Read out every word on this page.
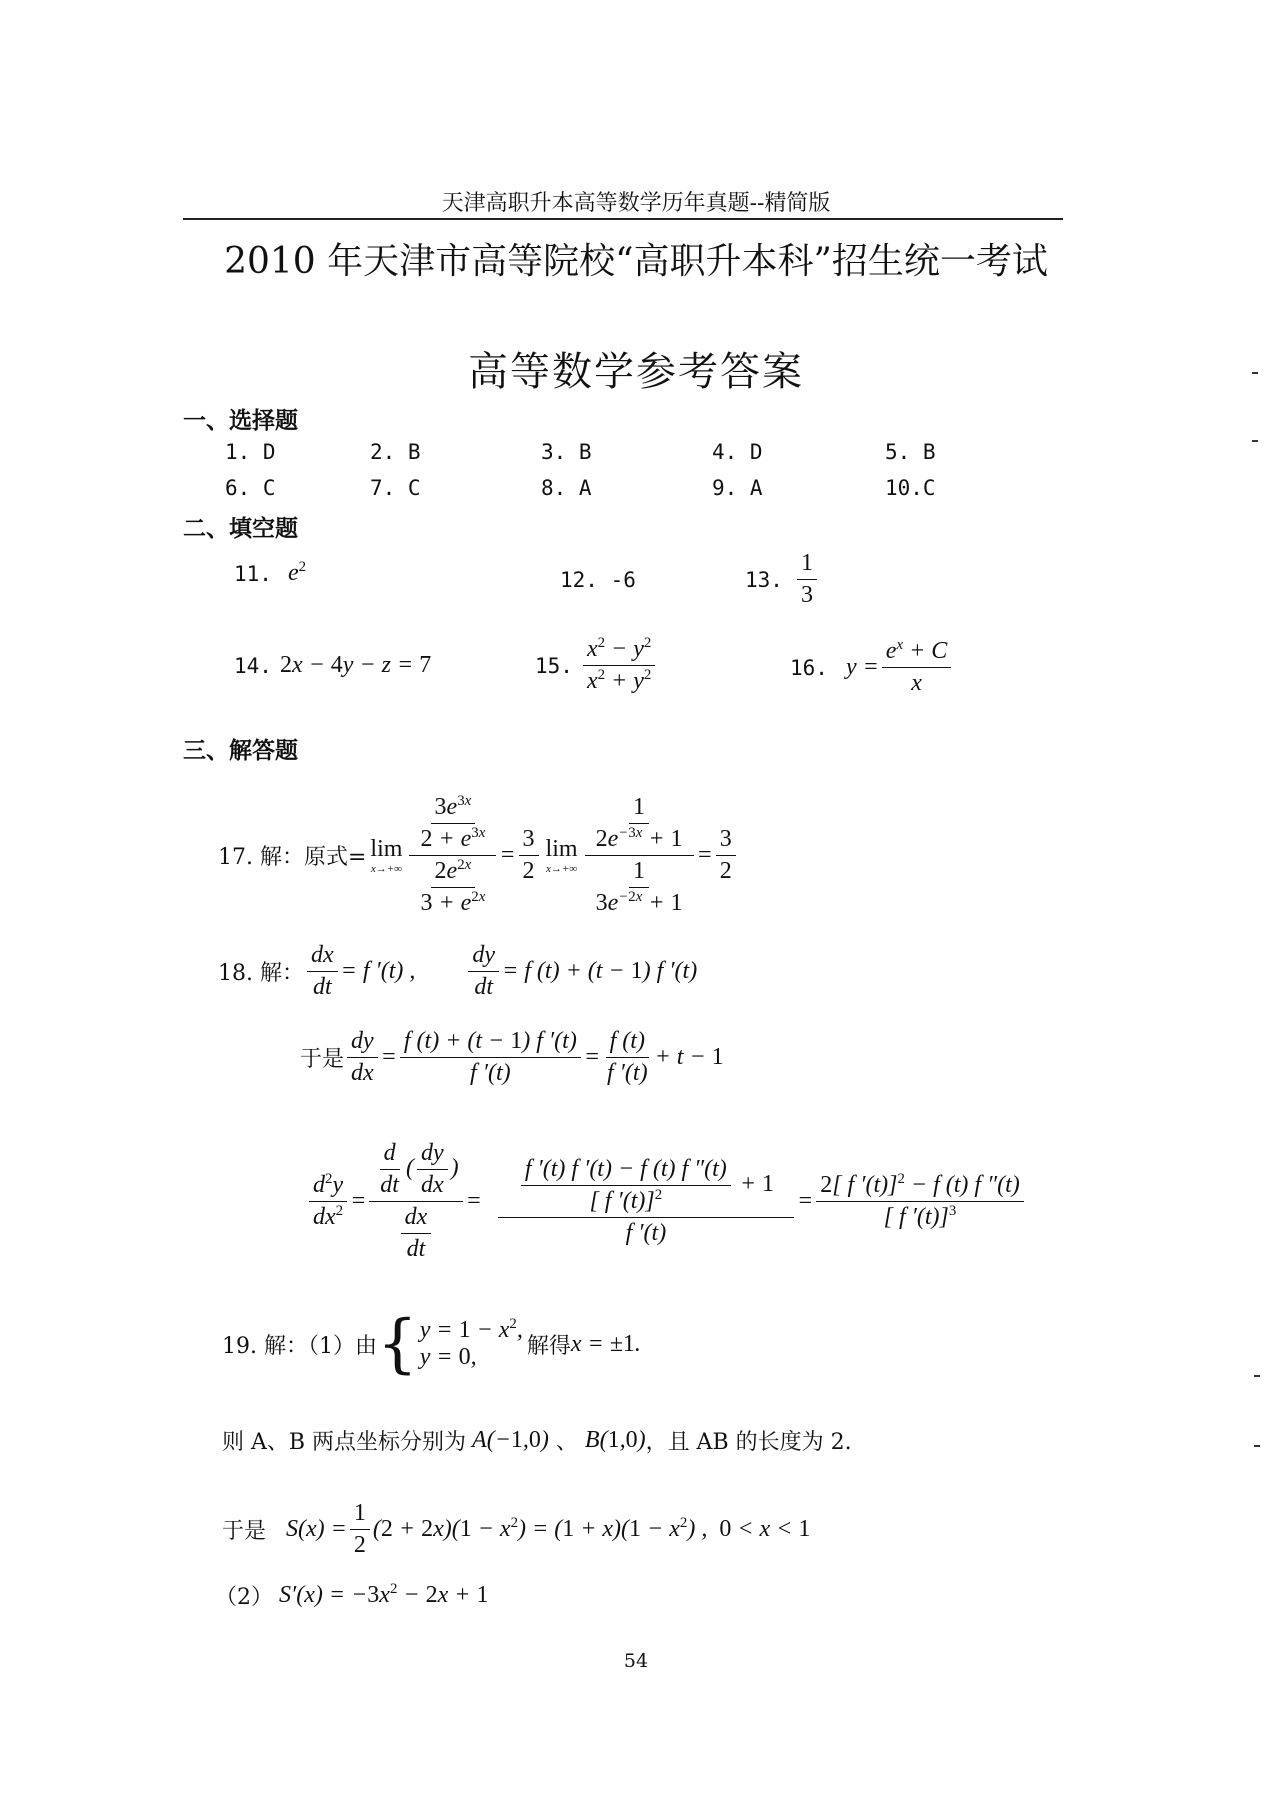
天津高职升本高等数学历年真题--精简版
2010 年天津市高等院校“高职升本科”招生统一考试
高等数学参考答案
一、选择题
1. D	2. B	3. B	4. D	5. B
6. C	7. C	8. A	9. A	10.C
二、填空题
11. $e^2$
12. -6	13. $\frac{1}{3}$
14. 2x − 4y − z = 7	15. $\frac{x^2 - y^2}{x^2 + y^2}$	16. $y = \frac{e^x + C}{x}$
三、解答题
17. 解：原式= lim
$x\to+\infty \frac{\frac{3e^{3x}}{2 + e^{3x}}}{\frac{2e^{2x}}{3 + e^{2x}}} = \frac{3}{2}$ lim
$x\to+\infty \frac{\frac{1}{2e^{-3x} + 1}}{\frac{1}{3e^{-2x} + 1}} = \frac{3}{2}$
18. 解： $\frac{dx}{dt} = f$ ′(t) , $\frac{dy}{dt} = f$ (t) + (t − 1) f ′(t)
于是 $\frac{dy}{dx} = \frac{f (t) + (t - 1) f '(t)}{f '(t)} = \frac{f (t)}{f '(t)} + t - 1$
$\frac{d^2y}{dx^2} = \frac{\frac{d}{dt} ( \frac{dy}{dx} )}{\frac{dx}{dt}} = \frac{\frac{f '(t) f '(t) - f (t) f ''(t)}{[ f '(t)]^2} + 1}{f '(t)} = \frac{2[ f '(t)]^2 - f (t) f ''(t)}{[ f '(t)]^3}$
19. 解：（1）由 { $y = 1 - x^2$,
y = 0,	解得 x = ±1.
则 A、B 两点坐标分别为 A(−1,0) 、 B(1,0) ，且 AB 的长度为 2.
于是 $S(x) = \frac{1}{2} (2 + 2x)(1 - x^2) = (1 + x)(1 - x^2)$ ,  0 < x < 1
（2） $S'(x) = -3x^2 - 2x + 1$
54
